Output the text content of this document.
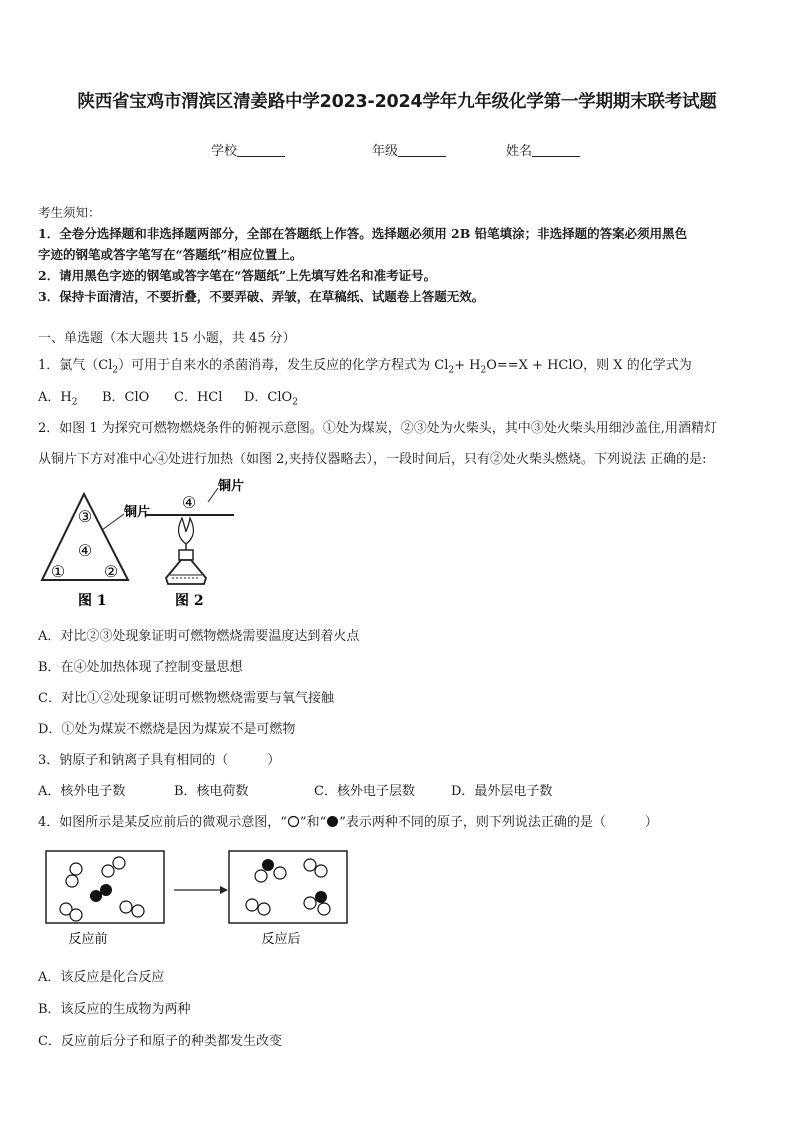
陕西省宝鸡市渭滨区清姜路中学2023-2024学年九年级化学第一学期期末联考试题
学校	年级	姓名
考生须知：
1．全卷分选择题和非选择题两部分，全部在答题纸上作答。选择题必须用 2B 铅笔填涂；非选择题的答案必须用黑色
字迹的钢笔或答字笔写在“答题纸”相应位置上。
2．请用黑色字迹的钢笔或答字笔在“答题纸”上先填写姓名和准考证号。
3．保持卡面清洁，不要折叠，不要弄破、弄皱，在草稿纸、试题卷上答题无效。
一、单选题（本大题共 15 小题，共 45 分）
1．氯气$(Cl_2)$可用于自来水的杀菌消毒，发生反应的化学方程式为 $Cl_2+ H_2O==X$ + HClO，则 X 的化学式为
A．$H_2$ B．ClO C．HCl D．ClO$_2$
2．如图 1 为探究可燃物燃烧条件的俯视示意图。①处为煤炭，②③处为火柴头，其中③处火柴头用细沙盖住,用酒精灯
从铜片下方对准中心④处进行加热（如图 2,夹持仪器略去），一段时间后，只有②处火柴头燃烧。下列说法 正确的是:
③
④
① ②
铜片
图 1
④
铜片
图 2
A．对比②③处现象证明可燃物燃烧需要温度达到着火点
B．在④处加热体现了控制变量思想
C．对比①②处现象证明可燃物燃烧需要与氧气接触
D．①处为煤炭不燃烧是因为煤炭不是可燃物
3．钠原子和钠离子具有相同的（　　　）
A．核外电子数	B．核电荷数	C．核外电子层数	D．最外层电子数
4．如图所示是某反应前后的微观示意图，“ ”和“ ”表示两种不同的原子，则下列说法正确的是（　　　）
反应前	反应后
A．该反应是化合反应
B．该反应的生成物为两种
C．反应前后分子和原子的种类都发生改变
